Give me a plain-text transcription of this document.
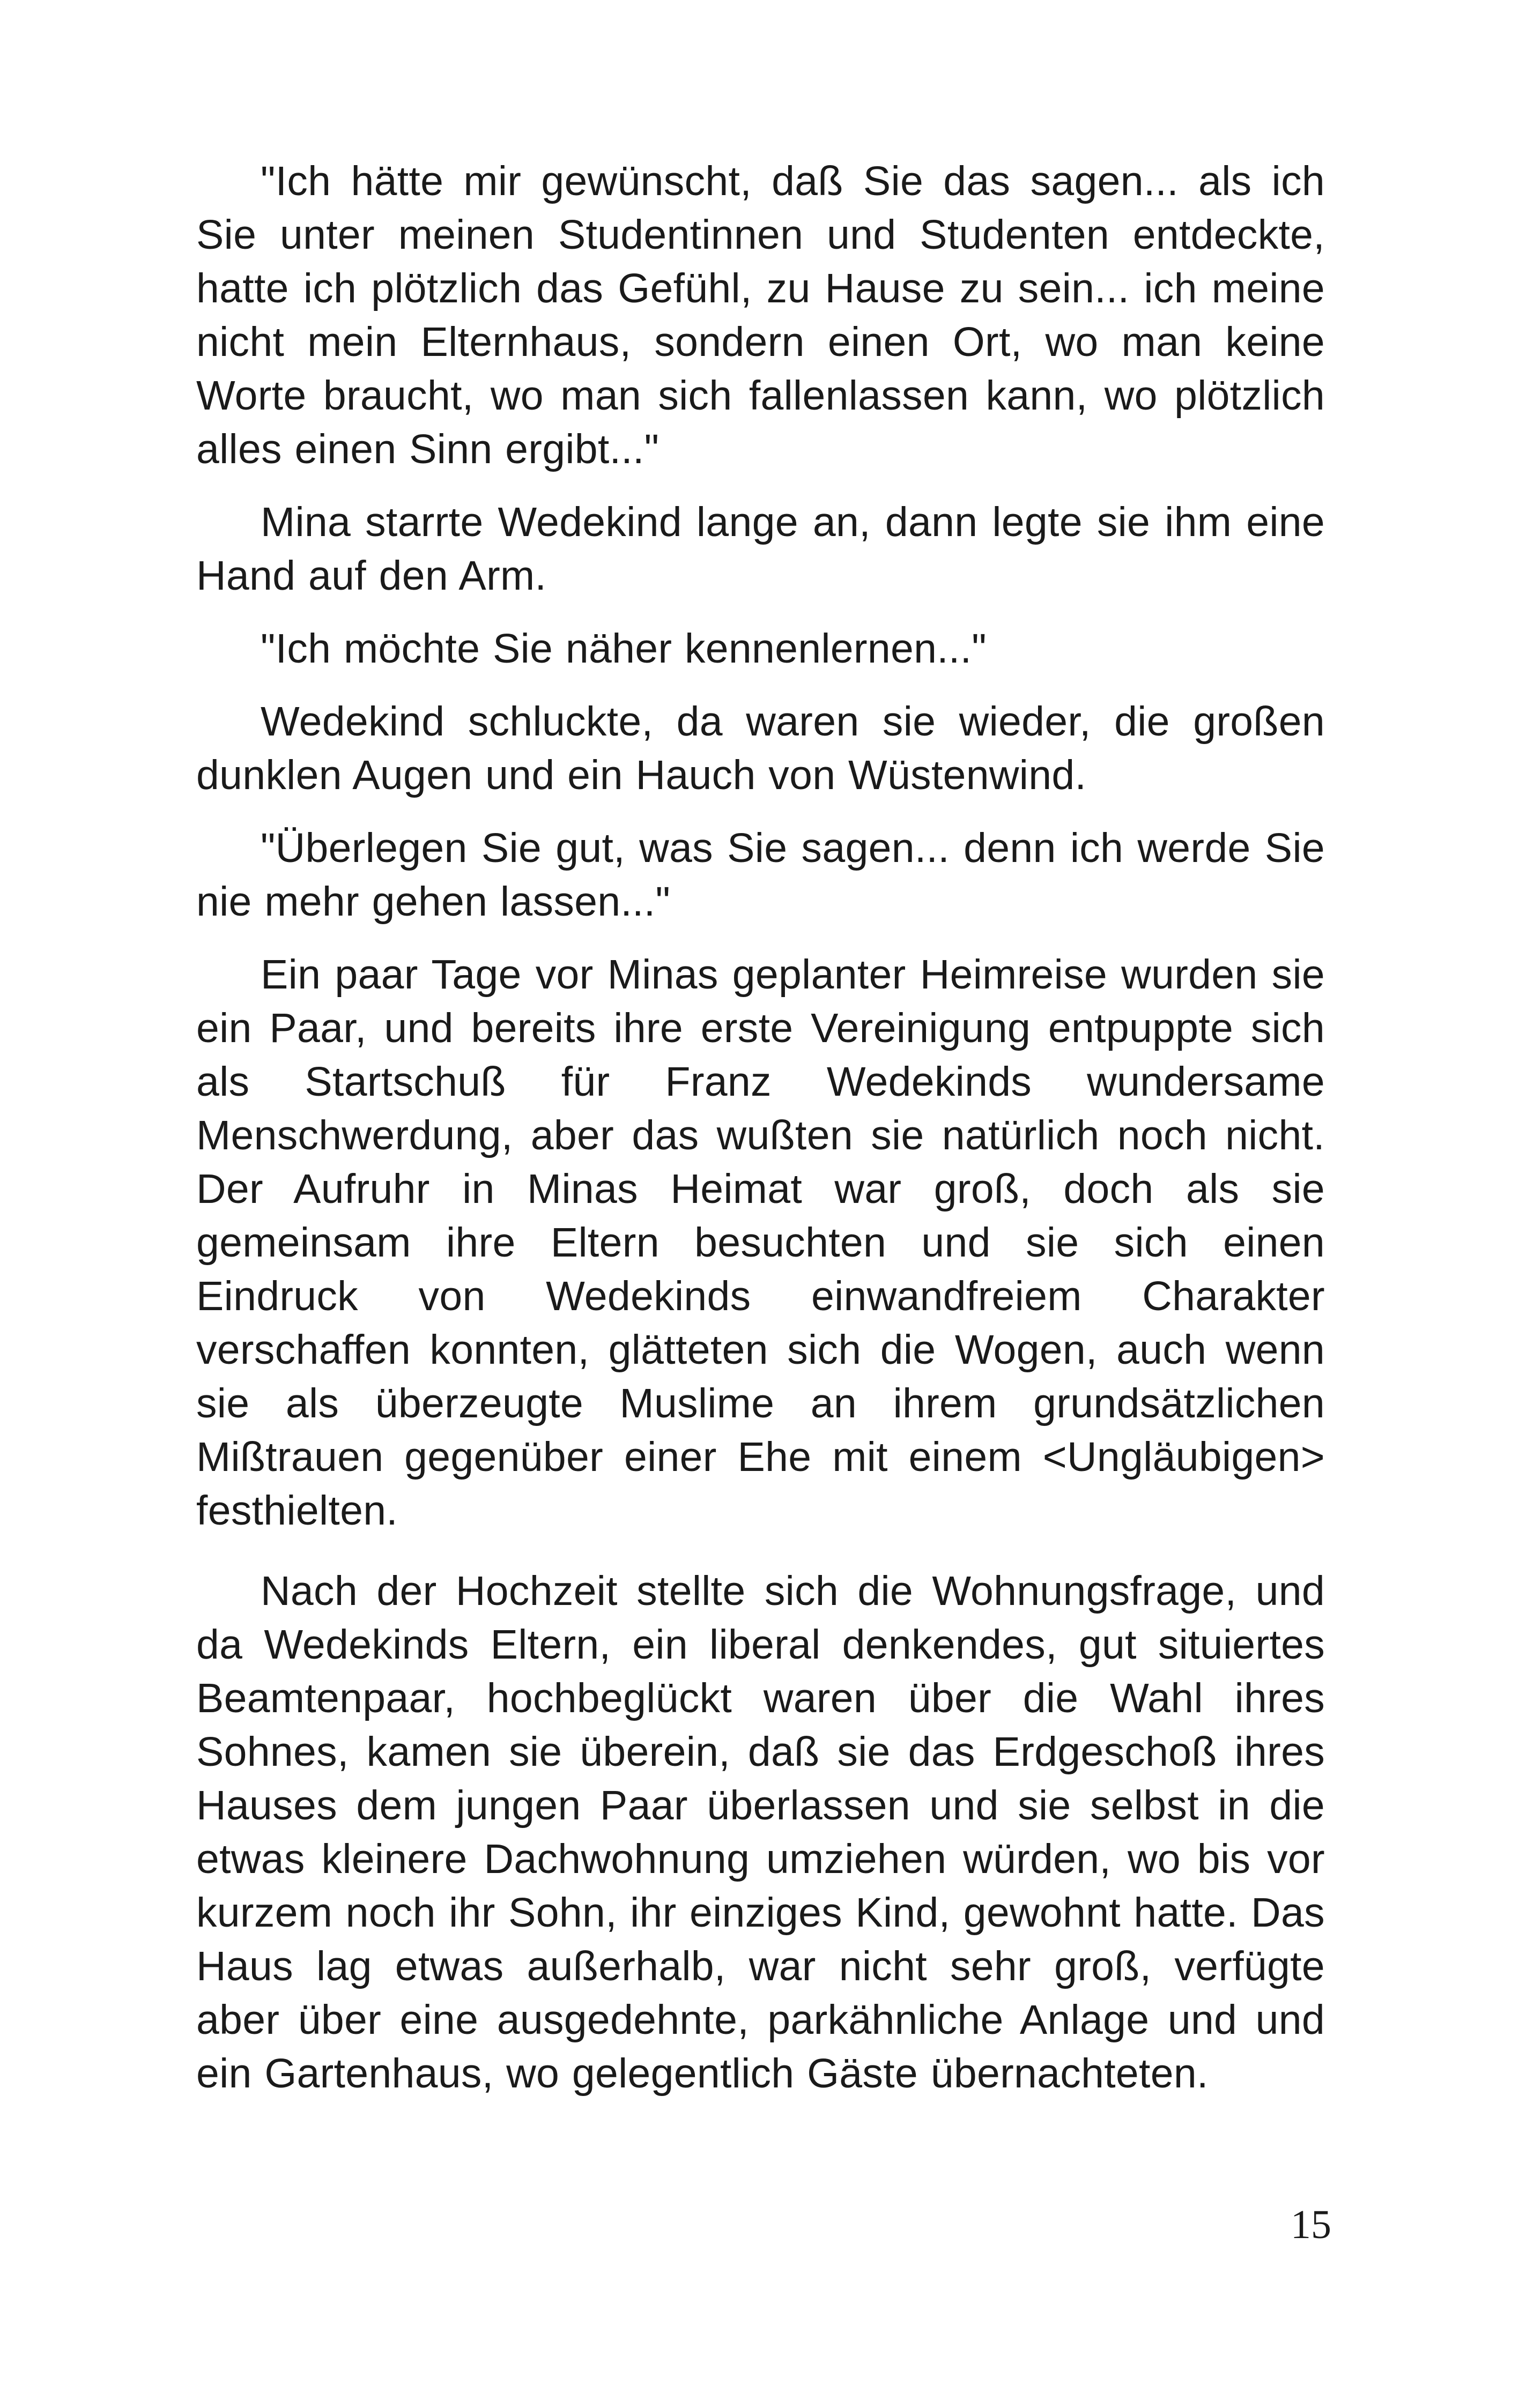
"Ich hätte mir gewünscht, daß Sie das sagen... als ich Sie unter meinen Studentinnen und Studenten entdeckte, hatte ich plötzlich das Gefühl, zu Hause zu sein... ich meine nicht mein Elternhaus, sondern einen Ort, wo man keine Worte braucht, wo man sich fallenlassen kann, wo plötzlich alles einen Sinn ergibt..."

Mina starrte Wedekind lange an, dann legte sie ihm eine Hand auf den Arm.

"Ich möchte Sie näher kennenlernen..."

Wedekind schluckte, da waren sie wieder, die großen dunklen Augen und ein Hauch von Wüstenwind.

"Überlegen Sie gut, was Sie sagen... denn ich werde Sie nie mehr gehen lassen..."

Ein paar Tage vor Minas geplanter Heimreise wurden sie ein Paar, und bereits ihre erste Vereinigung entpuppte sich als Startschuß für Franz Wedekinds wundersame Menschwerdung, aber das wußten sie natürlich noch nicht. Der Aufruhr in Minas Heimat war groß, doch als sie gemeinsam ihre Eltern besuchten und sie sich einen Eindruck von Wedekinds einwandfreiem Charakter verschaffen konnten, glätteten sich die Wogen, auch wenn sie als überzeugte Muslime an ihrem grundsätzlichen Mißtrauen gegenüber einer Ehe mit einem <Ungläubigen> festhielten.

Nach der Hochzeit stellte sich die Wohnungsfrage, und da Wedekinds Eltern, ein liberal denkendes, gut situiertes Beamtenpaar, hochbeglückt waren über die Wahl ihres Sohnes, kamen sie überein, daß sie das Erdgeschoß ihres Hauses dem jungen Paar überlassen und sie selbst in die etwas kleinere Dachwohnung umziehen würden, wo bis vor kurzem noch ihr Sohn, ihr einziges Kind, gewohnt hatte. Das Haus lag etwas außerhalb, war nicht sehr groß, verfügte aber über eine ausgedehnte, parkähnliche Anlage und und ein Gartenhaus, wo gelegentlich Gäste übernachteten.

15
